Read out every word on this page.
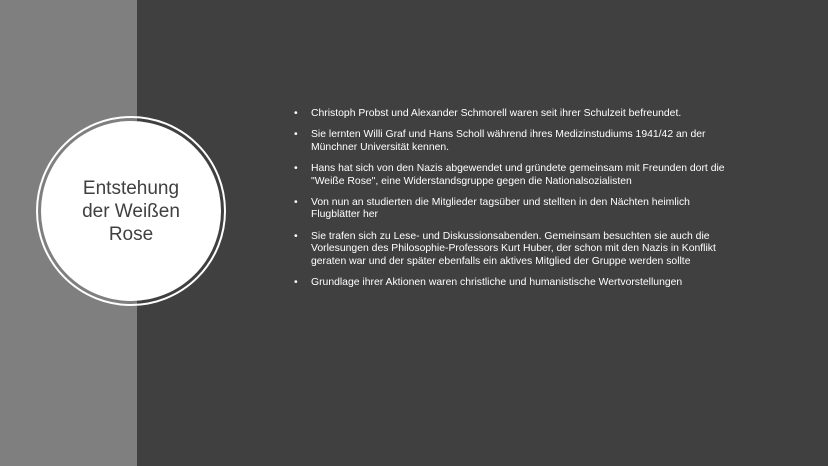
Entstehung
der Weißen
Rose
• Christoph Probst und Alexander Schmorell waren seit ihrer Schulzeit befreundet.
• Sie lernten Willi Graf und Hans Scholl während ihres Medizinstudiums 1941/42 an der Münchner Universität kennen.
• Hans hat sich von den Nazis abgewendet und gründete gemeinsam mit Freunden dort die "Weiße Rose", eine Widerstandsgruppe gegen die Nationalsozialisten
• Von nun an studierten die Mitglieder tagsüber und stellten in den Nächten heimlich Flugblätter her
• Sie trafen sich zu Lese- und Diskussionsabenden. Gemeinsam besuchten sie auch die Vorlesungen des Philosophie-Professors Kurt Huber, der schon mit den Nazis in Konflikt geraten war und der später ebenfalls ein aktives Mitglied der Gruppe werden sollte
• Grundlage ihrer Aktionen waren christliche und humanistische Wertvorstellungen
